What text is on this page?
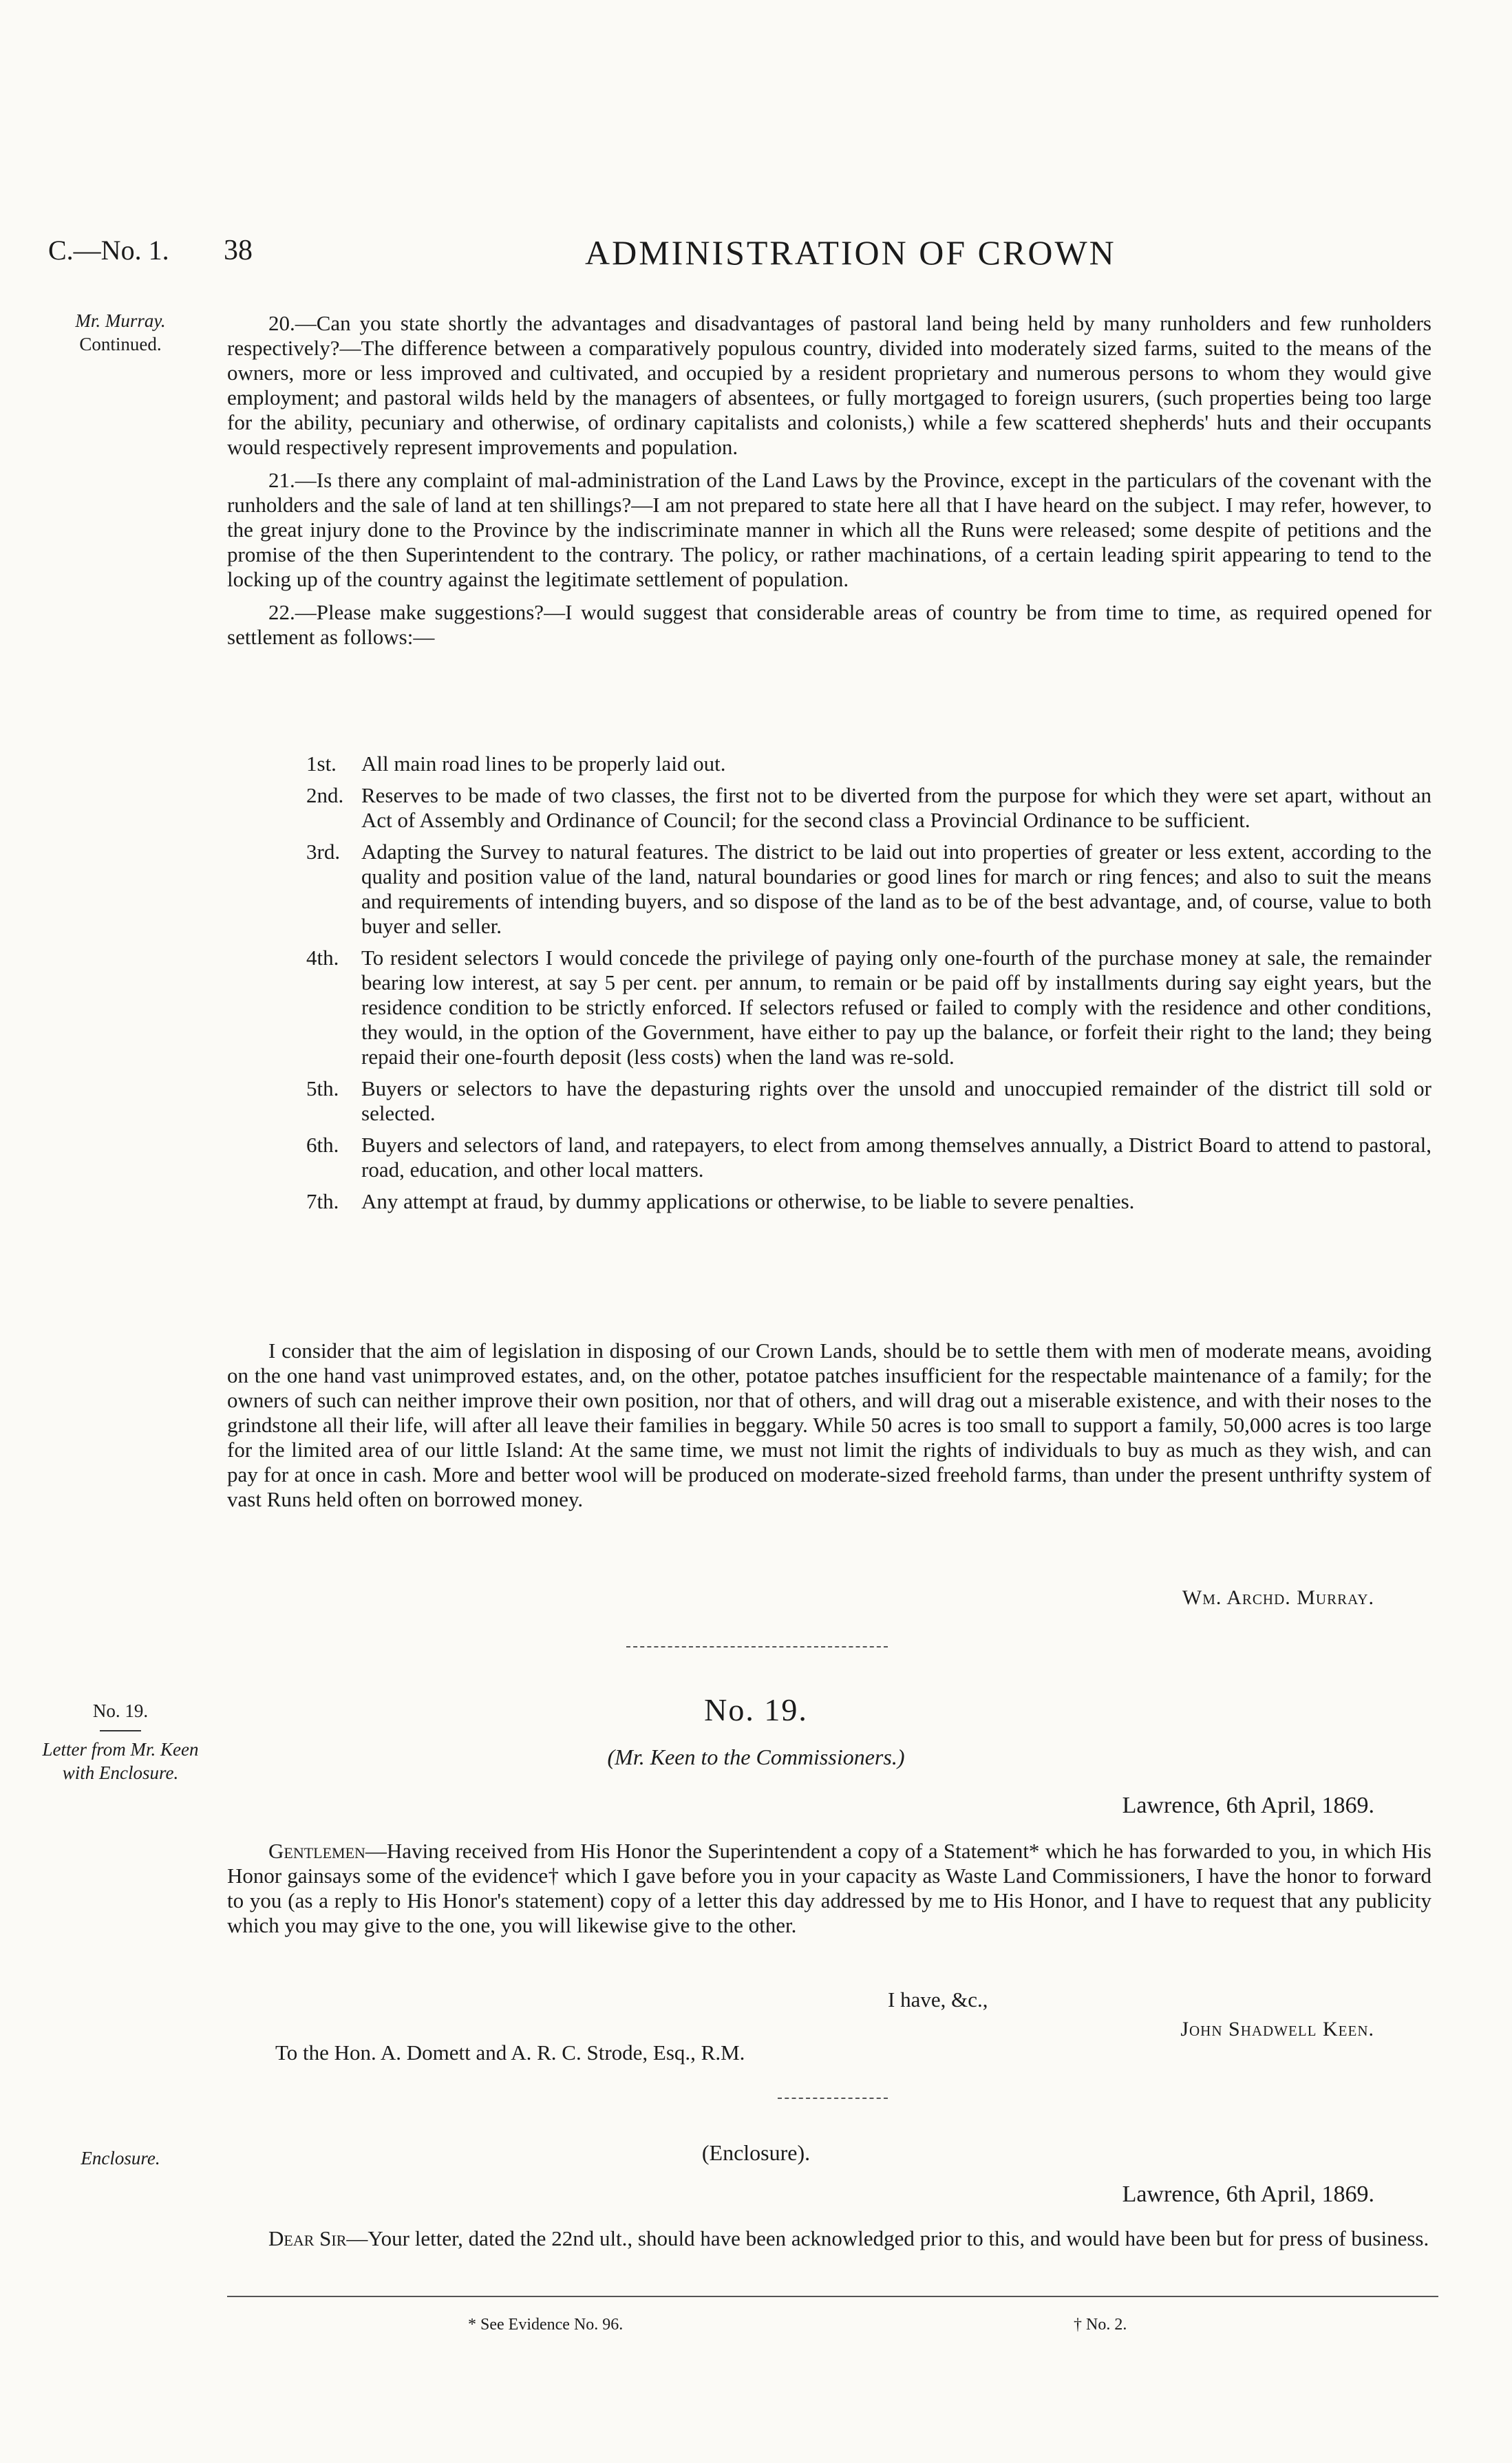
C.—No. 1. 38	ADMINISTRATION OF CROWN
Mr. Murray.

Continued.

20.—Can you state shortly the advantages and disadvantages of pastoral land being held by many runholders and few runholders respectively?—The difference between a comparatively populous country, divided into moderately sized farms, suited to the means of the owners, more or less improved and cultivated, and occupied by a resident proprietary and numerous persons to whom they would give employment; and pastoral wilds held by the managers of absentees, or fully mortgaged to foreign usurers, (such properties being too large for the ability, pecuniary and otherwise, of ordinary capitalists and colonists,) while a few scattered shepherds' huts and their occupants would respectively represent improvements and population.

21.—Is there any complaint of mal-administration of the Land Laws by the Province, except in the particulars of the covenant with the runholders and the sale of land at ten shillings?—I am not prepared to state here all that I have heard on the subject. I may refer, however, to the great injury done to the Province by the indiscriminate manner in which all the Runs were released; some despite of petitions and the promise of the then Superintendent to the contrary. The policy, or rather machinations, of a certain leading spirit appearing to tend to the locking up of the country against the legitimate settlement of population.

22.—Please make suggestions?—I would suggest that considerable areas of country be from time to time, as required opened for settlement as follows:—

1st.	All main road lines to be properly laid out.
2nd. Reserves to be made of two classes, the first not to be diverted from the purpose for which they were set apart, without an Act of Assembly and Ordinance of Council; for the second class a Provincial Ordinance to be sufficient.
3rd. Adapting the Survey to natural features. The district to be laid out into properties of greater or less extent, according to the quality and position value of the land, natural boundaries or good lines for march or ring fences; and also to suit the means and requirements of intending buyers, and so dispose of the land as to be of the best advantage, and, of course, value to both buyer and seller.
4th.	To resident selectors I would concede the privilege of paying only one-fourth of the purchase money at sale, the remainder bearing low interest, at say 5 per cent. per annum, to remain or be paid off by installments during say eight years, but the residence condition to be strictly enforced. If selectors refused or failed to comply with the residence and other conditions, they would, in the option of the Government, have either to pay up the balance, or forfeit their right to the land; they being repaid their one-fourth deposit (less costs) when the land was re-sold.
5th.	Buyers or selectors to have the depasturing rights over the unsold and unoccupied remainder of the district till sold or selected.
6th.	Buyers and selectors of land, and ratepayers, to elect from among themselves annually, a District Board to attend to pastoral, road, education, and other local matters.
7th.	Any attempt at fraud, by dummy applications or otherwise, to be liable to severe penalties.

I consider that the aim of legislation in disposing of our Crown Lands, should be to settle them with men of moderate means, avoiding on the one hand vast unimproved estates, and, on the other, potatoe patches insufficient for the respectable maintenance of a family; for the owners of such can neither improve their own position, nor that of others, and will drag out a miserable existence, and with their noses to the grindstone all their life, will after all leave their families in beggary. While 50 acres is too small to support a family, 50,000 acres is too large for the limited area of our little Island: At the same time, we must not limit the rights of individuals to buy as much as they wish, and can pay for at once in cash. More and better wool will be produced on moderate-sized freehold farms, than under the present unthrifty system of vast Runs held often on borrowed money.

Wm. Archd. Murray.
No. 19.
Letter from Mr. Keen with Enclosure.
No. 19.
(Mr. Keen to the Commissioners.)
Lawrence, 6th April, 1869.

Gentlemen—Having received from His Honor the Superintendent a copy of a Statement* which he has forwarded to you, in which His Honor gainsays some of the evidence† which I gave before you in your capacity as Waste Land Commissioners, I have the honor to forward to you (as a reply to His Honor's statement) copy of a letter this day addressed by me to His Honor, and I have to request that any publicity which you may give to the one, you will likewise give to the other.

I have, &c.,
John Shadwell Keen.
To the Hon. A. Domett and A. R. C. Strode, Esq., R.M.
Enclosure.	(Enclosure).
Lawrence, 6th April, 1869.

Dear Sir—Your letter, dated the 22nd ult., should have been acknowledged prior to this, and would have been but for press of business.

* See Evidence No. 96.	† No. 2.
